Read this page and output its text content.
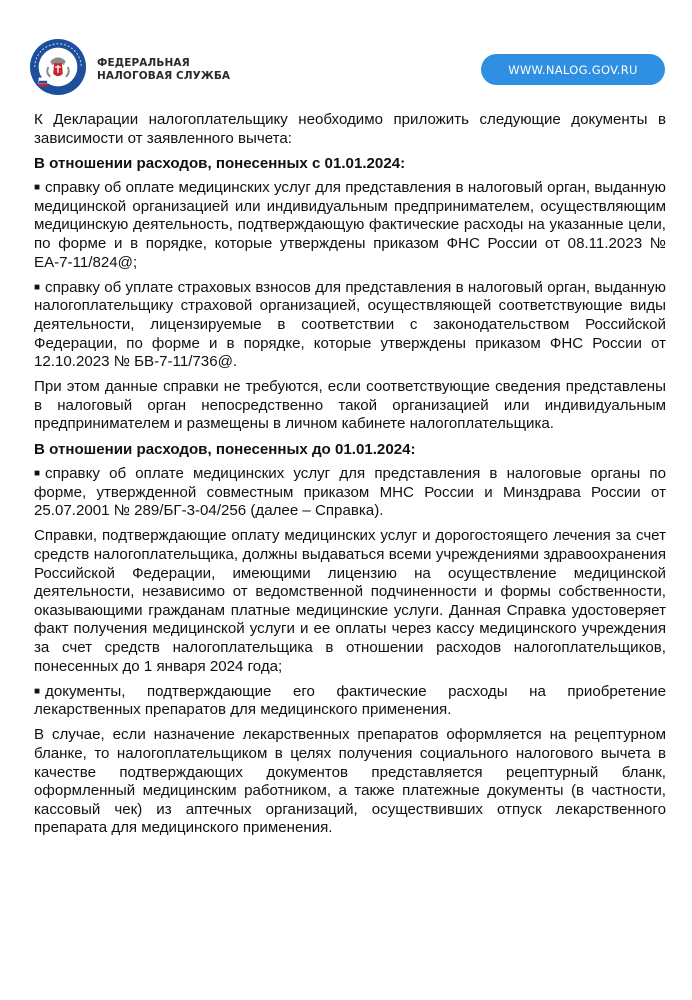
ФЕДЕРАЛЬНАЯ
НАЛОГОВАЯ СЛУЖБА	WWW.NALOG.GOV.RU

К Декларации налогоплательщику необходимо приложить следующие документы в зависимости от заявленного вычета:

В отношении расходов, понесенных с 01.01.2024:

■ справку об оплате медицинских услуг для представления в налоговый орган, выданную медицинской организацией или индивидуальным предпринимателем, осуществляющим медицинскую деятельность, подтверждающую фактические расходы на указанные цели, по форме и в порядке, которые утверждены приказом ФНС России от 08.11.2023 № ЕА-7-11/824@;

■ справку об уплате страховых взносов для представления в налоговый орган, выданную налогоплательщику страховой организацией, осуществляющей соответствующие виды деятельности, лицензируемые в соответствии с законодательством Российской Федерации, по форме и в порядке, которые утверждены приказом ФНС России от 12.10.2023 № БВ-7-11/736@.

При этом данные справки не требуются, если соответствующие сведения представлены в налоговый орган непосредственно такой организацией или индивидуальным предпринимателем и размещены в личном кабинете налогоплательщика.

В отношении расходов, понесенных до 01.01.2024:

■ справку об оплате медицинских услуг для представления в налоговые органы по форме, утвержденной совместным приказом МНС России и Минздрава России от 25.07.2001 № 289/БГ-3-04/256 (далее – Справка).

Справки, подтверждающие оплату медицинских услуг и дорогостоящего лечения за счет средств налогоплательщика, должны выдаваться всеми учреждениями здравоохранения Российской Федерации, имеющими лицензию на осуществление медицинской деятельности, независимо от ведомственной подчиненности и формы собственности, оказывающими гражданам платные медицинские услуги. Данная Справка удостоверяет факт получения медицинской услуги и ее оплаты через кассу медицинского учреждения за счет средств налогоплательщика в отношении расходов налогоплательщиков, понесенных до 1 января 2024 года;

■ документы, подтверждающие его фактические расходы на приобретение лекарственных препаратов для медицинского применения.

В случае, если назначение лекарственных препаратов оформляется на рецептурном бланке, то налогоплательщиком в целях получения социального налогового вычета в качестве подтверждающих документов представляется рецептурный бланк, оформленный медицинским работником, а также платежные документы (в частности, кассовый чек) из аптечных организаций, осуществивших отпуск лекарственного препарата для медицинского применения.
